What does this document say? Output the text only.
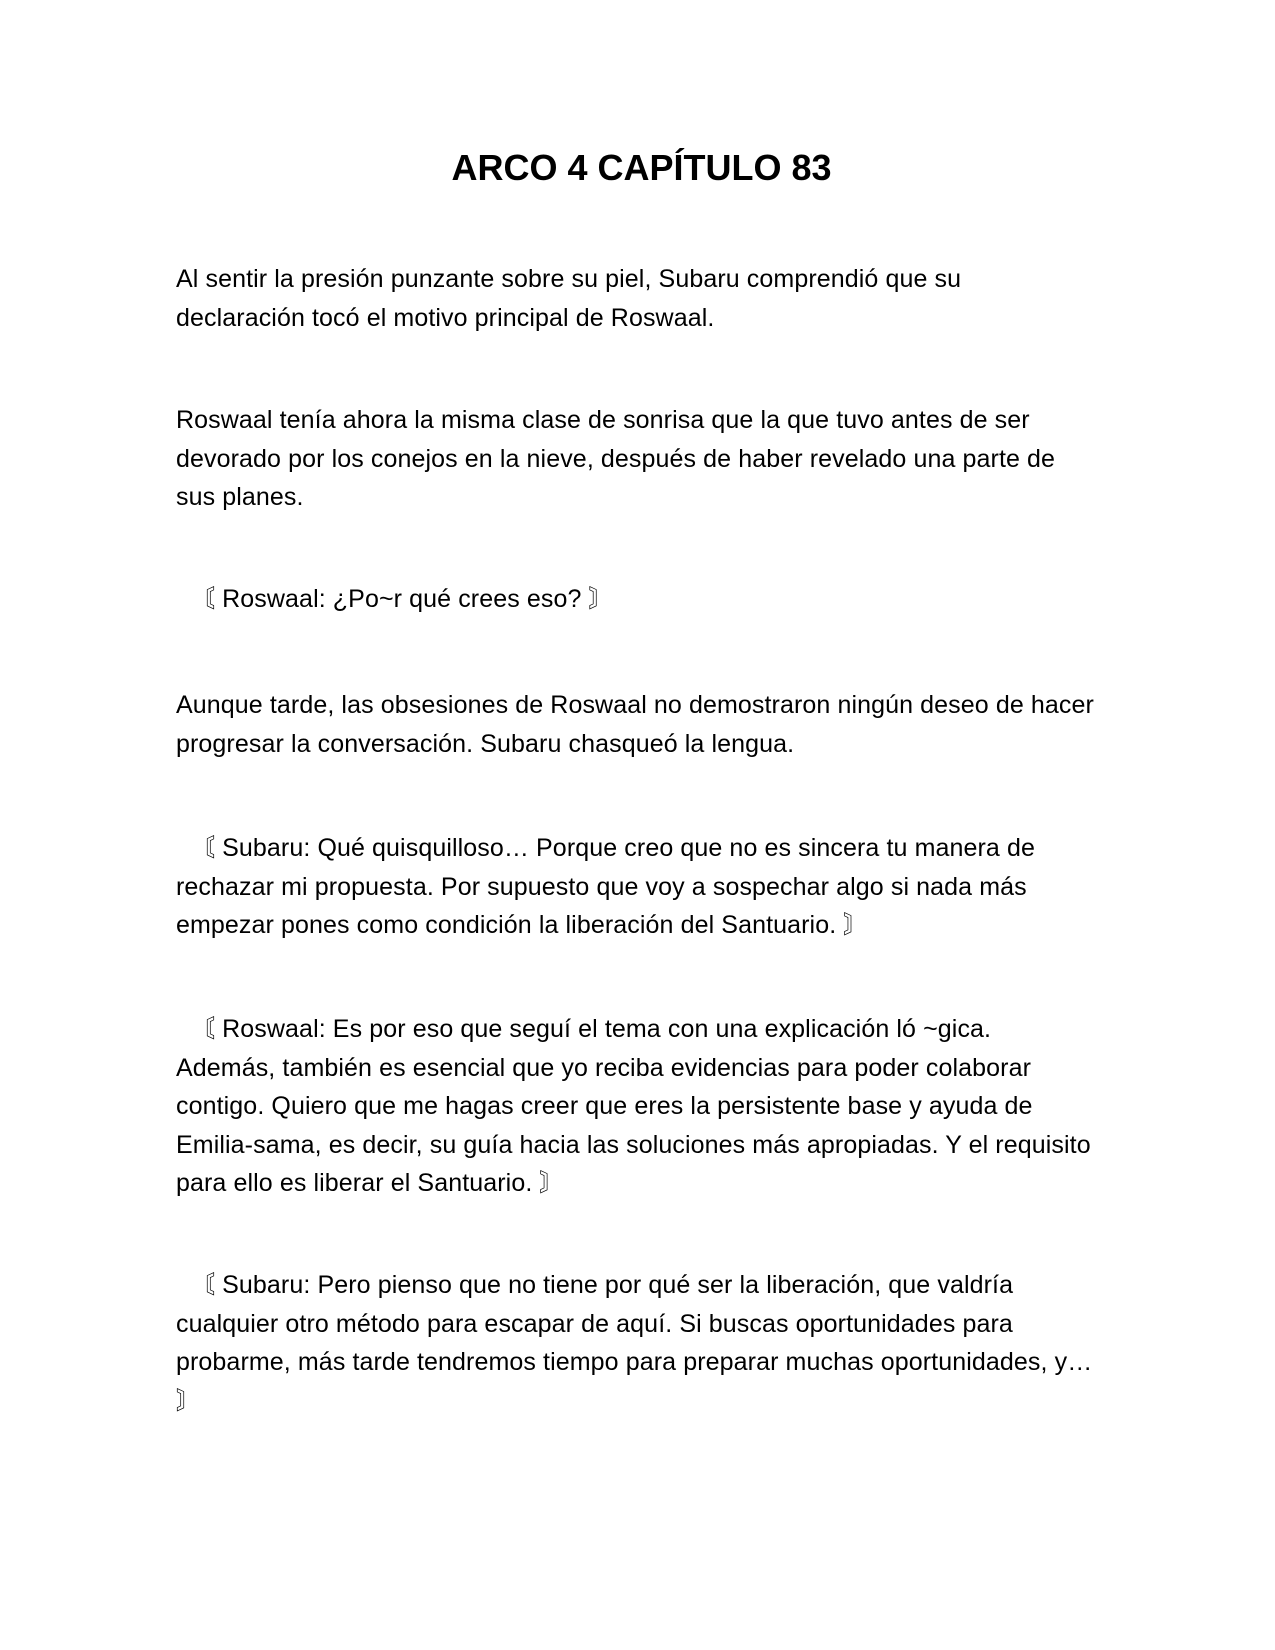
ARCO 4 CAPÍTULO 83

Al sentir la presión punzante sobre su piel, Subaru comprendió que su declaración tocó el motivo principal de Roswaal.

Roswaal tenía ahora la misma clase de sonrisa que la que tuvo antes de ser devorado por los conejos en la nieve, después de haber revelado una parte de sus planes.

〘 Roswaal: ¿Po~r qué crees eso? 〙

Aunque tarde, las obsesiones de Roswaal no demostraron ningún deseo de hacer progresar la conversación. Subaru chasqueó la lengua.

〘 Subaru: Qué quisquilloso… Porque creo que no es sincera tu manera de rechazar mi propuesta. Por supuesto que voy a sospechar algo si nada más empezar pones como condición la liberación del Santuario. 〙

〘 Roswaal: Es por eso que seguí el tema con una explicación ló ~gica. Además, también es esencial que yo reciba evidencias para poder colaborar contigo. Quiero que me hagas creer que eres la persistente base y ayuda de Emilia-sama, es decir, su guía hacia las soluciones más apropiadas. Y el requisito para ello es liberar el Santuario. 〙

〘 Subaru: Pero pienso que no tiene por qué ser la liberación, que valdría cualquier otro método para escapar de aquí. Si buscas oportunidades para probarme, más tarde tendremos tiempo para preparar muchas oportunidades, y… 〙
